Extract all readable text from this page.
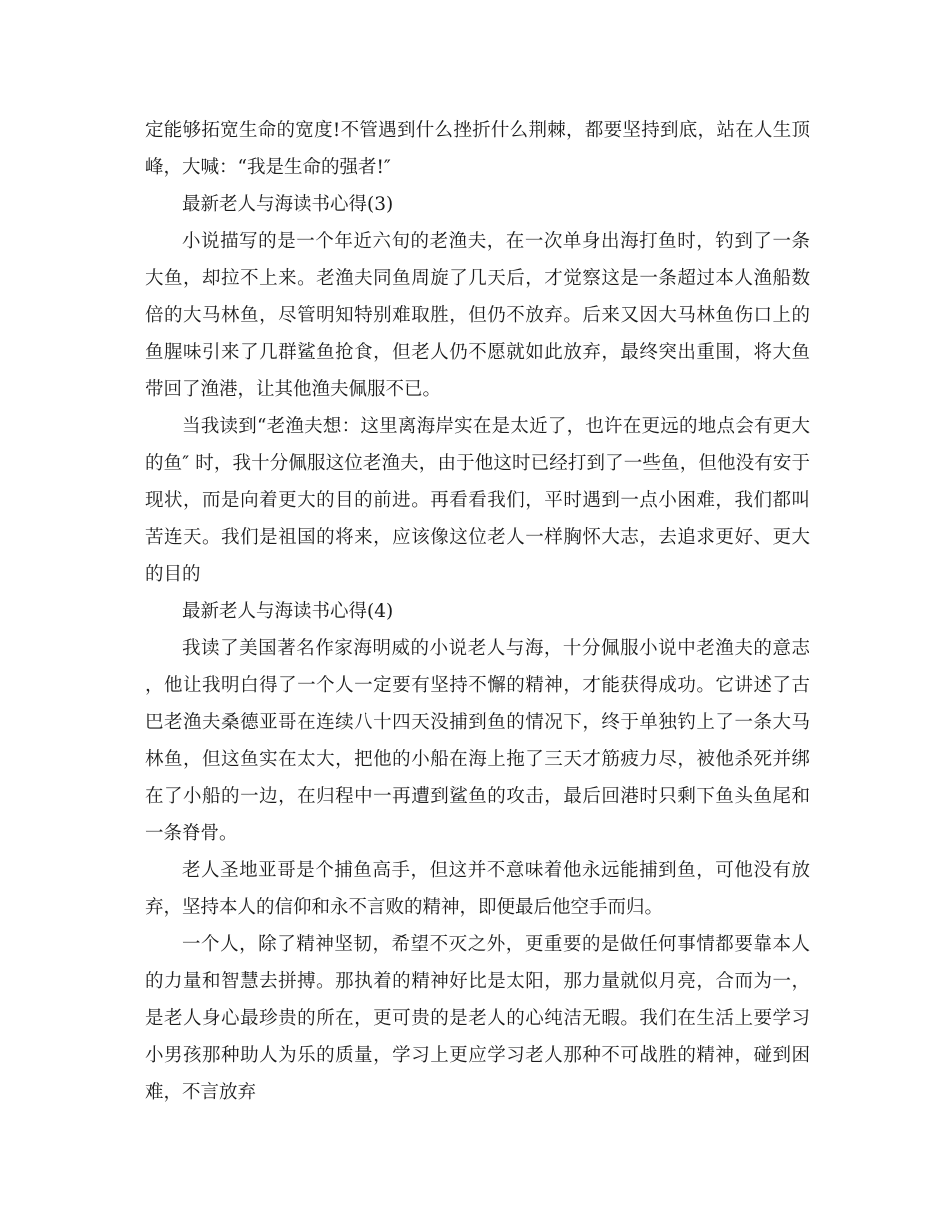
定能够拓宽生命的宽度!不管遇到什么挫折什么荆棘，都要坚持到底，站在人生顶峰，大喊：“我是生命的强者!″

最新老人与海读书心得(3)

小说描写的是一个年近六旬的老渔夫，在一次单身出海打鱼时，钓到了一条大鱼，却拉不上来。老渔夫同鱼周旋了几天后，才觉察这是一条超过本人渔船数倍的大马林鱼，尽管明知特别难取胜，但仍不放弃。后来又因大马林鱼伤口上的鱼腥味引来了几群鲨鱼抢食，但老人仍不愿就如此放弃，最终突出重围，将大鱼带回了渔港，让其他渔夫佩服不已。

当我读到“老渔夫想：这里离海岸实在是太近了，也许在更远的地点会有更大的鱼″ 时，我十分佩服这位老渔夫，由于他这时已经打到了一些鱼，但他没有安于现状，而是向着更大的目的前进。再看看我们，平时遇到一点小困难，我们都叫苦连天。我们是祖国的将来，应该像这位老人一样胸怀大志，去追求更好、更大的目的

最新老人与海读书心得(4)

我读了美国著名作家海明威的小说老人与海，十分佩服小说中老渔夫的意志，他让我明白得了一个人一定要有坚持不懈的精神，才能获得成功。它讲述了古巴老渔夫桑德亚哥在连续八十四天没捕到鱼的情况下，终于单独钓上了一条大马林鱼，但这鱼实在太大，把他的小船在海上拖了三天才筋疲力尽，被他杀死并绑在了小船的一边，在归程中一再遭到鲨鱼的攻击，最后回港时只剩下鱼头鱼尾和一条脊骨。

老人圣地亚哥是个捕鱼高手，但这并不意味着他永远能捕到鱼，可他没有放弃，坚持本人的信仰和永不言败的精神，即便最后他空手而归。

一个人，除了精神坚韧，希望不灭之外，更重要的是做任何事情都要靠本人的力量和智慧去拼搏。那执着的精神好比是太阳，那力量就似月亮，合而为一，是老人身心最珍贵的所在，更可贵的是老人的心纯洁无暇。我们在生活上要学习小男孩那种助人为乐的质量，学习上更应学习老人那种不可战胜的精神，碰到困难，不言放弃
